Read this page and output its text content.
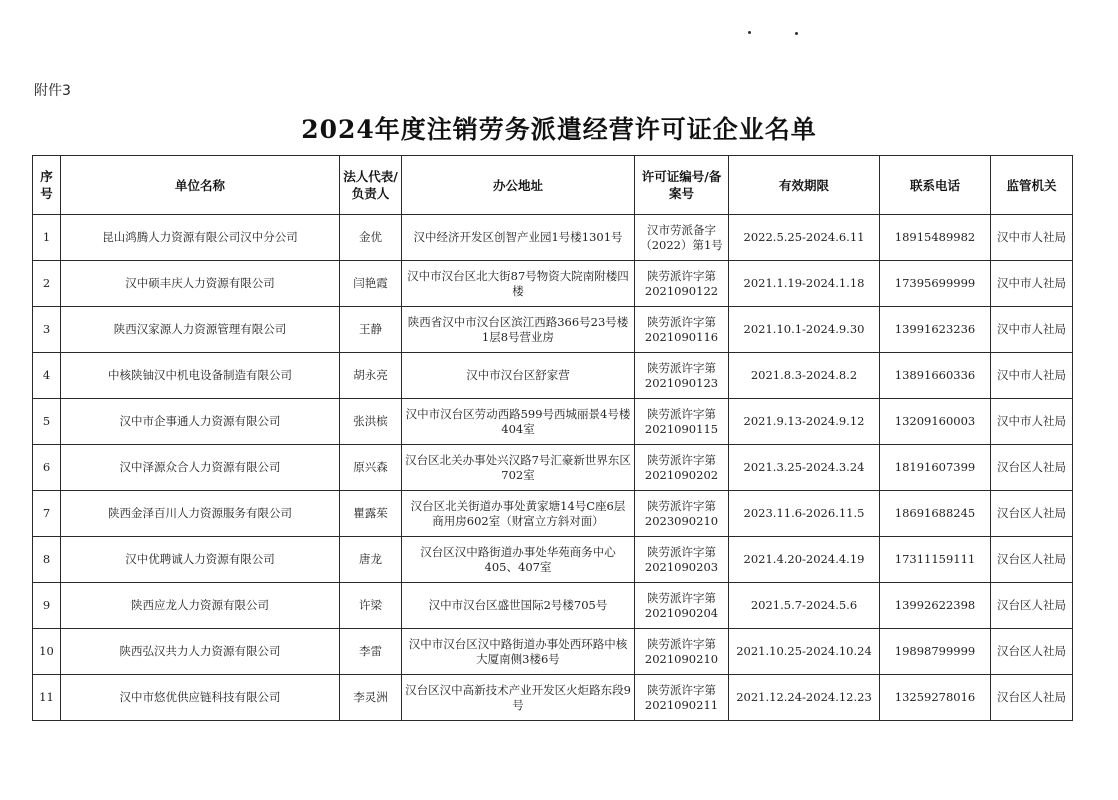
附件3
2024年度注销劳务派遣经营许可证企业名单
序号	单位名称	法人代表/负责人	办公地址	许可证编号/备案号	有效期限	联系电话	监管机关
1	昆山鸿腾人力资源有限公司汉中分公司	金优	汉中经济开发区创智产业园1号楼1301号	汉市劳派备字（2022）第1号	2022.5.25-2024.6.11	18915489982	汉中市人社局
2	汉中硕丰庆人力资源有限公司	闫艳霞	汉中市汉台区北大街87号物资大院南附楼四楼	陕劳派许字第2021090122	2021.1.19-2024.1.18	17395699999	汉中市人社局
3	陕西汉家源人力资源管理有限公司	王静	陕西省汉中市汉台区滨江西路366号23号楼1层8号营业房	陕劳派许字第2021090116	2021.10.1-2024.9.30	13991623236	汉中市人社局
4	中核陕铀汉中机电设备制造有限公司	胡永亮	汉中市汉台区舒家营	陕劳派许字第2021090123	2021.8.3-2024.8.2	13891660336	汉中市人社局
5	汉中市企事通人力资源有限公司	张洪槟	汉中市汉台区劳动西路599号西城丽景4号楼404室	陕劳派许字第2021090115	2021.9.13-2024.9.12	13209160003	汉中市人社局
6	汉中泽源众合人力资源有限公司	原兴森	汉台区北关办事处兴汉路7号汇豪新世界东区702室	陕劳派许字第2021090202	2021.3.25-2024.3.24	18191607399	汉台区人社局
7	陕西金泽百川人力资源服务有限公司	瞿露茱	汉台区北关街道办事处黄家塘14号C座6层商用房602室（财富立方斜对面）	陕劳派许字第2023090210	2023.11.6-2026.11.5	18691688245	汉台区人社局
8	汉中优聘诚人力资源有限公司	唐龙	汉台区汉中路街道办事处华苑商务中心405、407室	陕劳派许字第2021090203	2021.4.20-2024.4.19	17311159111	汉台区人社局
9	陕西应龙人力资源有限公司	许梁	汉中市汉台区盛世国际2号楼705号	陕劳派许字第2021090204	2021.5.7-2024.5.6	13992622398	汉台区人社局
10	陕西弘汉共力人力资源有限公司	李雷	汉中市汉台区汉中路街道办事处西环路中核大厦南侧3楼6号	陕劳派许字第2021090210	2021.10.25-2024.10.24	19898799999	汉台区人社局
11	汉中市悠优供应链科技有限公司	李灵洲	汉台区汉中高新技术产业开发区火炬路东段9号	陕劳派许字第2021090211	2021.12.24-2024.12.23	13259278016	汉台区人社局
